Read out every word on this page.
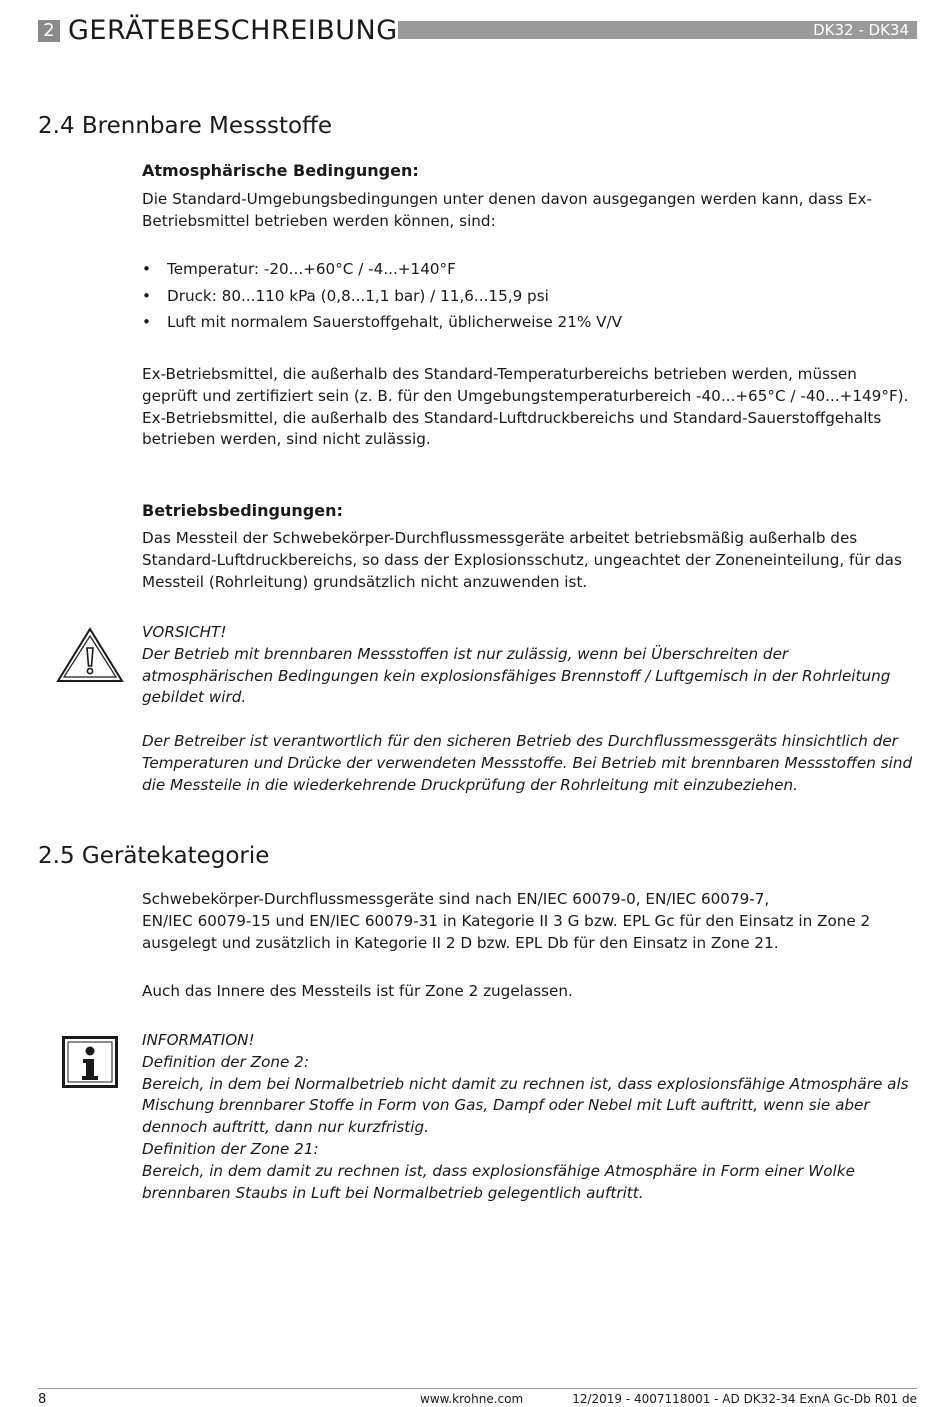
2 GERÄTEBESCHREIBUNG	DK32 - DK34
2.4 Brennbare Messstoffe
Atmosphärische Bedingungen:

Die Standard-Umgebungsbedingungen unter denen davon ausgegangen werden kann, dass Ex-Betriebsmittel betrieben werden können, sind:

• Temperatur: -20...+60°C / -4...+140°F
• Druck: 80...110 kPa (0,8...1,1 bar) / 11,6...15,9 psi
• Luft mit normalem Sauerstoffgehalt, üblicherweise 21% V/V

Ex-Betriebsmittel, die außerhalb des Standard-Temperaturbereichs betrieben werden, müssen geprüft und zertifiziert sein (z. B. für den Umgebungstemperaturbereich -40...+65°C / -40...+149°F).

Ex-Betriebsmittel, die außerhalb des Standard-Luftdruckbereichs und Standard-Sauerstoffgehalts betrieben werden, sind nicht zulässig.

Betriebsbedingungen:

Das Messteil der Schwebekörper-Durchflussmessgeräte arbeitet betriebsmäßig außerhalb des Standard-Luftdruckbereichs, so dass der Explosionsschutz, ungeachtet der Zoneneinteilung, für das Messteil (Rohrleitung) grundsätzlich nicht anzuwenden ist.

VORSICHT!

Der Betrieb mit brennbaren Messstoffen ist nur zulässig, wenn bei Überschreiten der atmosphärischen Bedingungen kein explosionsfähiges Brennstoff / Luftgemisch in der Rohrleitung gebildet wird.

Der Betreiber ist verantwortlich für den sicheren Betrieb des Durchflussmessgeräts hinsichtlich der Temperaturen und Drücke der verwendeten Messstoffe. Bei Betrieb mit brennbaren Messstoffen sind die Messteile in die wiederkehrende Druckprüfung der Rohrleitung mit einzubeziehen.

2.5 Gerätekategorie

Schwebekörper-Durchflussmessgeräte sind nach EN/IEC 60079-0, EN/IEC 60079-7,

EN/IEC 60079-15 und EN/IEC 60079-31 in Kategorie II 3 G bzw. EPL Gc für den Einsatz in Zone 2 ausgelegt und zusätzlich in Kategorie II 2 D bzw. EPL Db für den Einsatz in Zone 21.

Auch das Innere des Messteils ist für Zone 2 zugelassen.

INFORMATION!

Definition der Zone 2:

Bereich, in dem bei Normalbetrieb nicht damit zu rechnen ist, dass explosionsfähige Atmosphäre als Mischung brennbarer Stoffe in Form von Gas, Dampf oder Nebel mit Luft auftritt, wenn sie aber dennoch auftritt, dann nur kurzfristig.

Definition der Zone 21:

Bereich, in dem damit zu rechnen ist, dass explosionsfähige Atmosphäre in Form einer Wolke brennbaren Staubs in Luft bei Normalbetrieb gelegentlich auftritt.

8	www.krohne.com	12/2019 - 4007118001 - AD DK32-34 ExnA Gc-Db R01 de
